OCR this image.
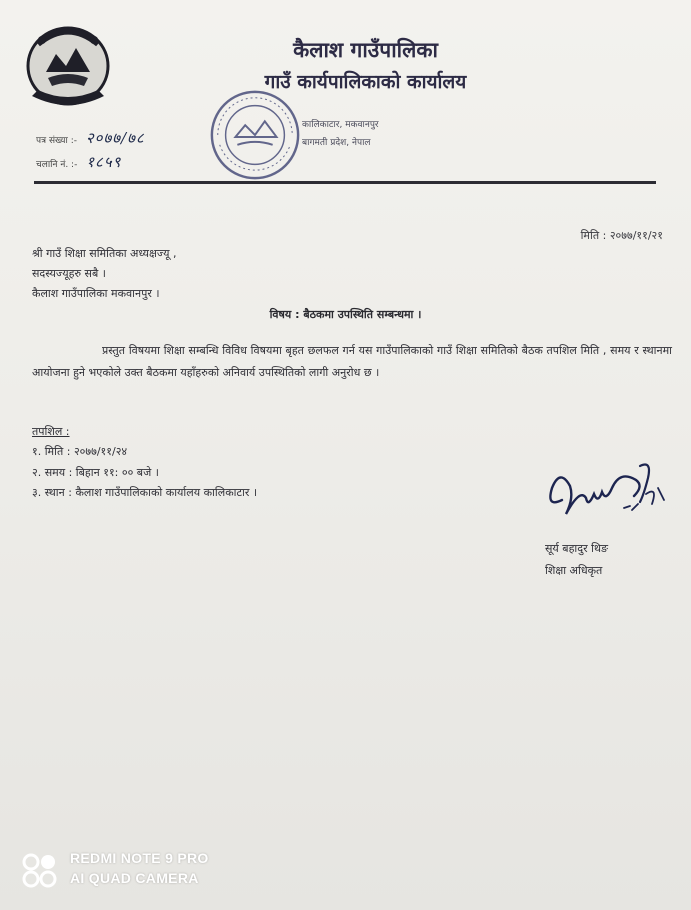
कैलाश गाउँपालिका
गाउँ कार्यपालिकाको कार्यालय
कालिकाटार, मकवानपुर
बागमती प्रदेश, नेपाल
पत्र संख्या :- २०७७/७८
चलानि नं. :- १८५९
मिति : २०७७/११/२१
श्री गाउँ शिक्षा समितिका अध्यक्षज्यू ,
सदस्यज्यूहरु सबै ।
कैलाश गाउँपालिका मकवानपुर ।
विषय : बैठकमा उपस्थिति सम्बन्धमा ।
प्रस्तुत विषयमा शिक्षा सम्बन्धि विविध विषयमा बृहत छलफल गर्न यस गाउँपालिकाको गाउँ शिक्षा समितिको बैठक तपशिल मिति , समय र स्थानमा आयोजना हुने भएकोले उक्त बैठकमा यहाँहरुको अनिवार्य उपस्थितिको लागी अनुरोध छ ।
तपशिल :
१. मिति : २०७७/११/२४
२. समय : बिहान ११: ०० बजे ।
३. स्थान : कैलाश गाउँपालिकाको कार्यालय कालिकाटार ।
सूर्य बहादुर थिङ
शिक्षा अधिकृत
REDMI NOTE 9 PRO
AI QUAD CAMERA
